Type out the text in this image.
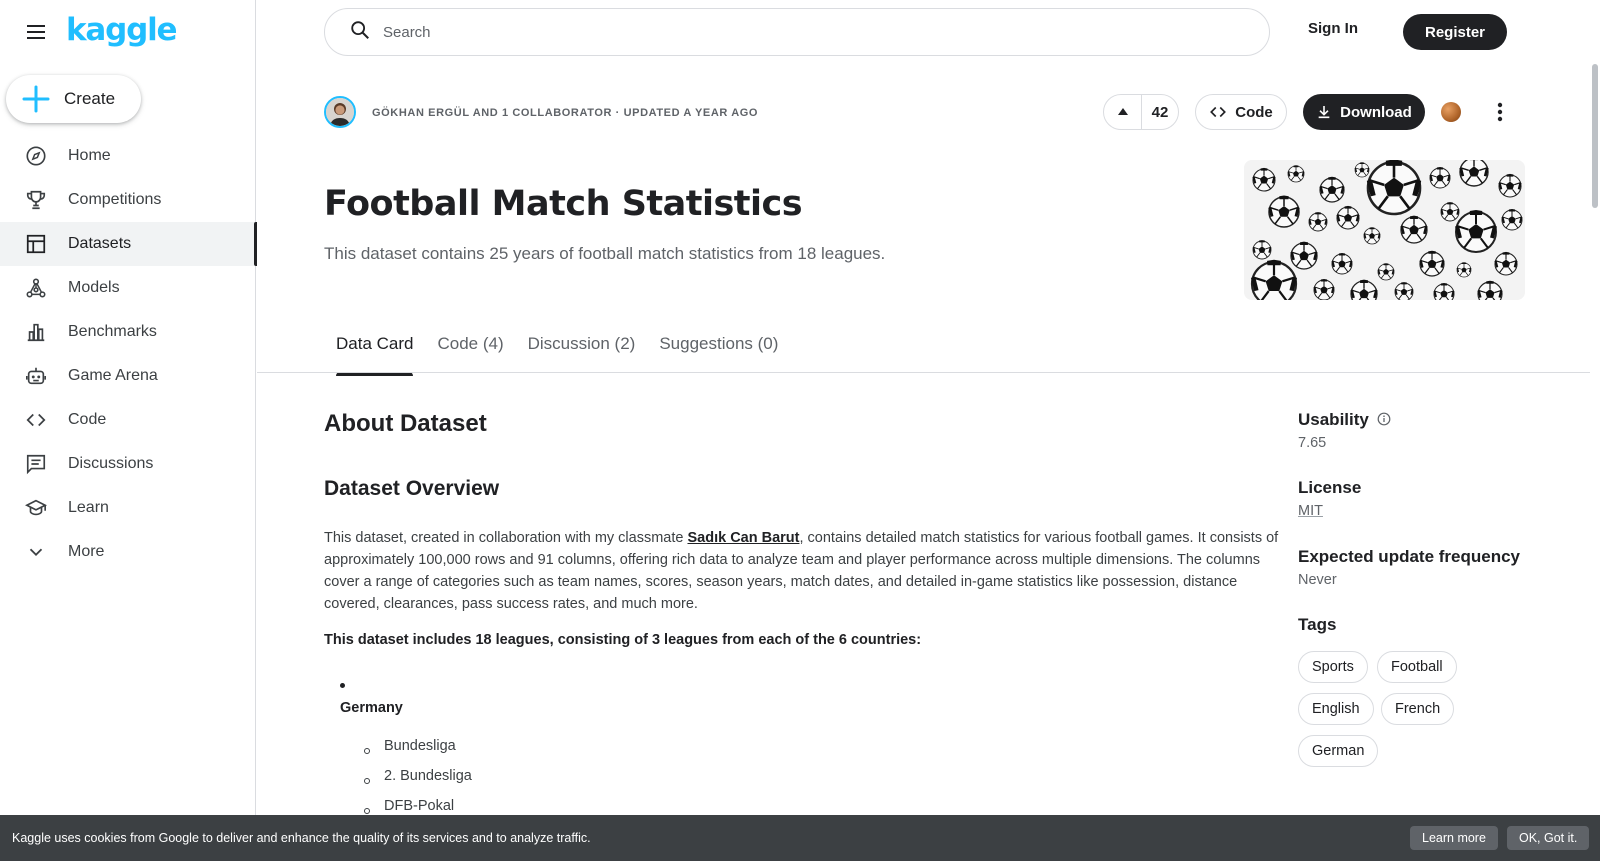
kaggle
Create
Home
Competitions
Datasets
Models
Benchmarks
Game Arena
Code
Discussions
Learn
More
Search
Sign In	Register
GÖKHAN ERGÜL AND 1 COLLABORATOR · UPDATED A YEAR AGO	42	Code	Download
Football Match Statistics
This dataset contains 25 years of football match statistics from 18 leagues.
Data Card Code (4) Discussion (2) Suggestions (0)
About Dataset
Dataset Overview
This dataset, created in collaboration with my classmate Sadık Can Barut, contains detailed match statistics for various football games. It consists of approximately 100,000 rows and 91 columns, offering rich data to analyze team and player performance across multiple dimensions. The columns cover a range of categories such as team names, scores, season years, match dates, and detailed in-game statistics like possession, distance covered, clearances, pass success rates, and much more.
This dataset includes 18 leagues, consisting of 3 leagues from each of the 6 countries:
Germany
Bundesliga
2. Bundesliga
DFB-Pokal
Usability
7.65
License
MIT
Expected update frequency
Never
Tags
Sports	Football
English	French
German
Kaggle uses cookies from Google to deliver and enhance the quality of its services and to analyze traffic.	Learn more	OK, Got it.
